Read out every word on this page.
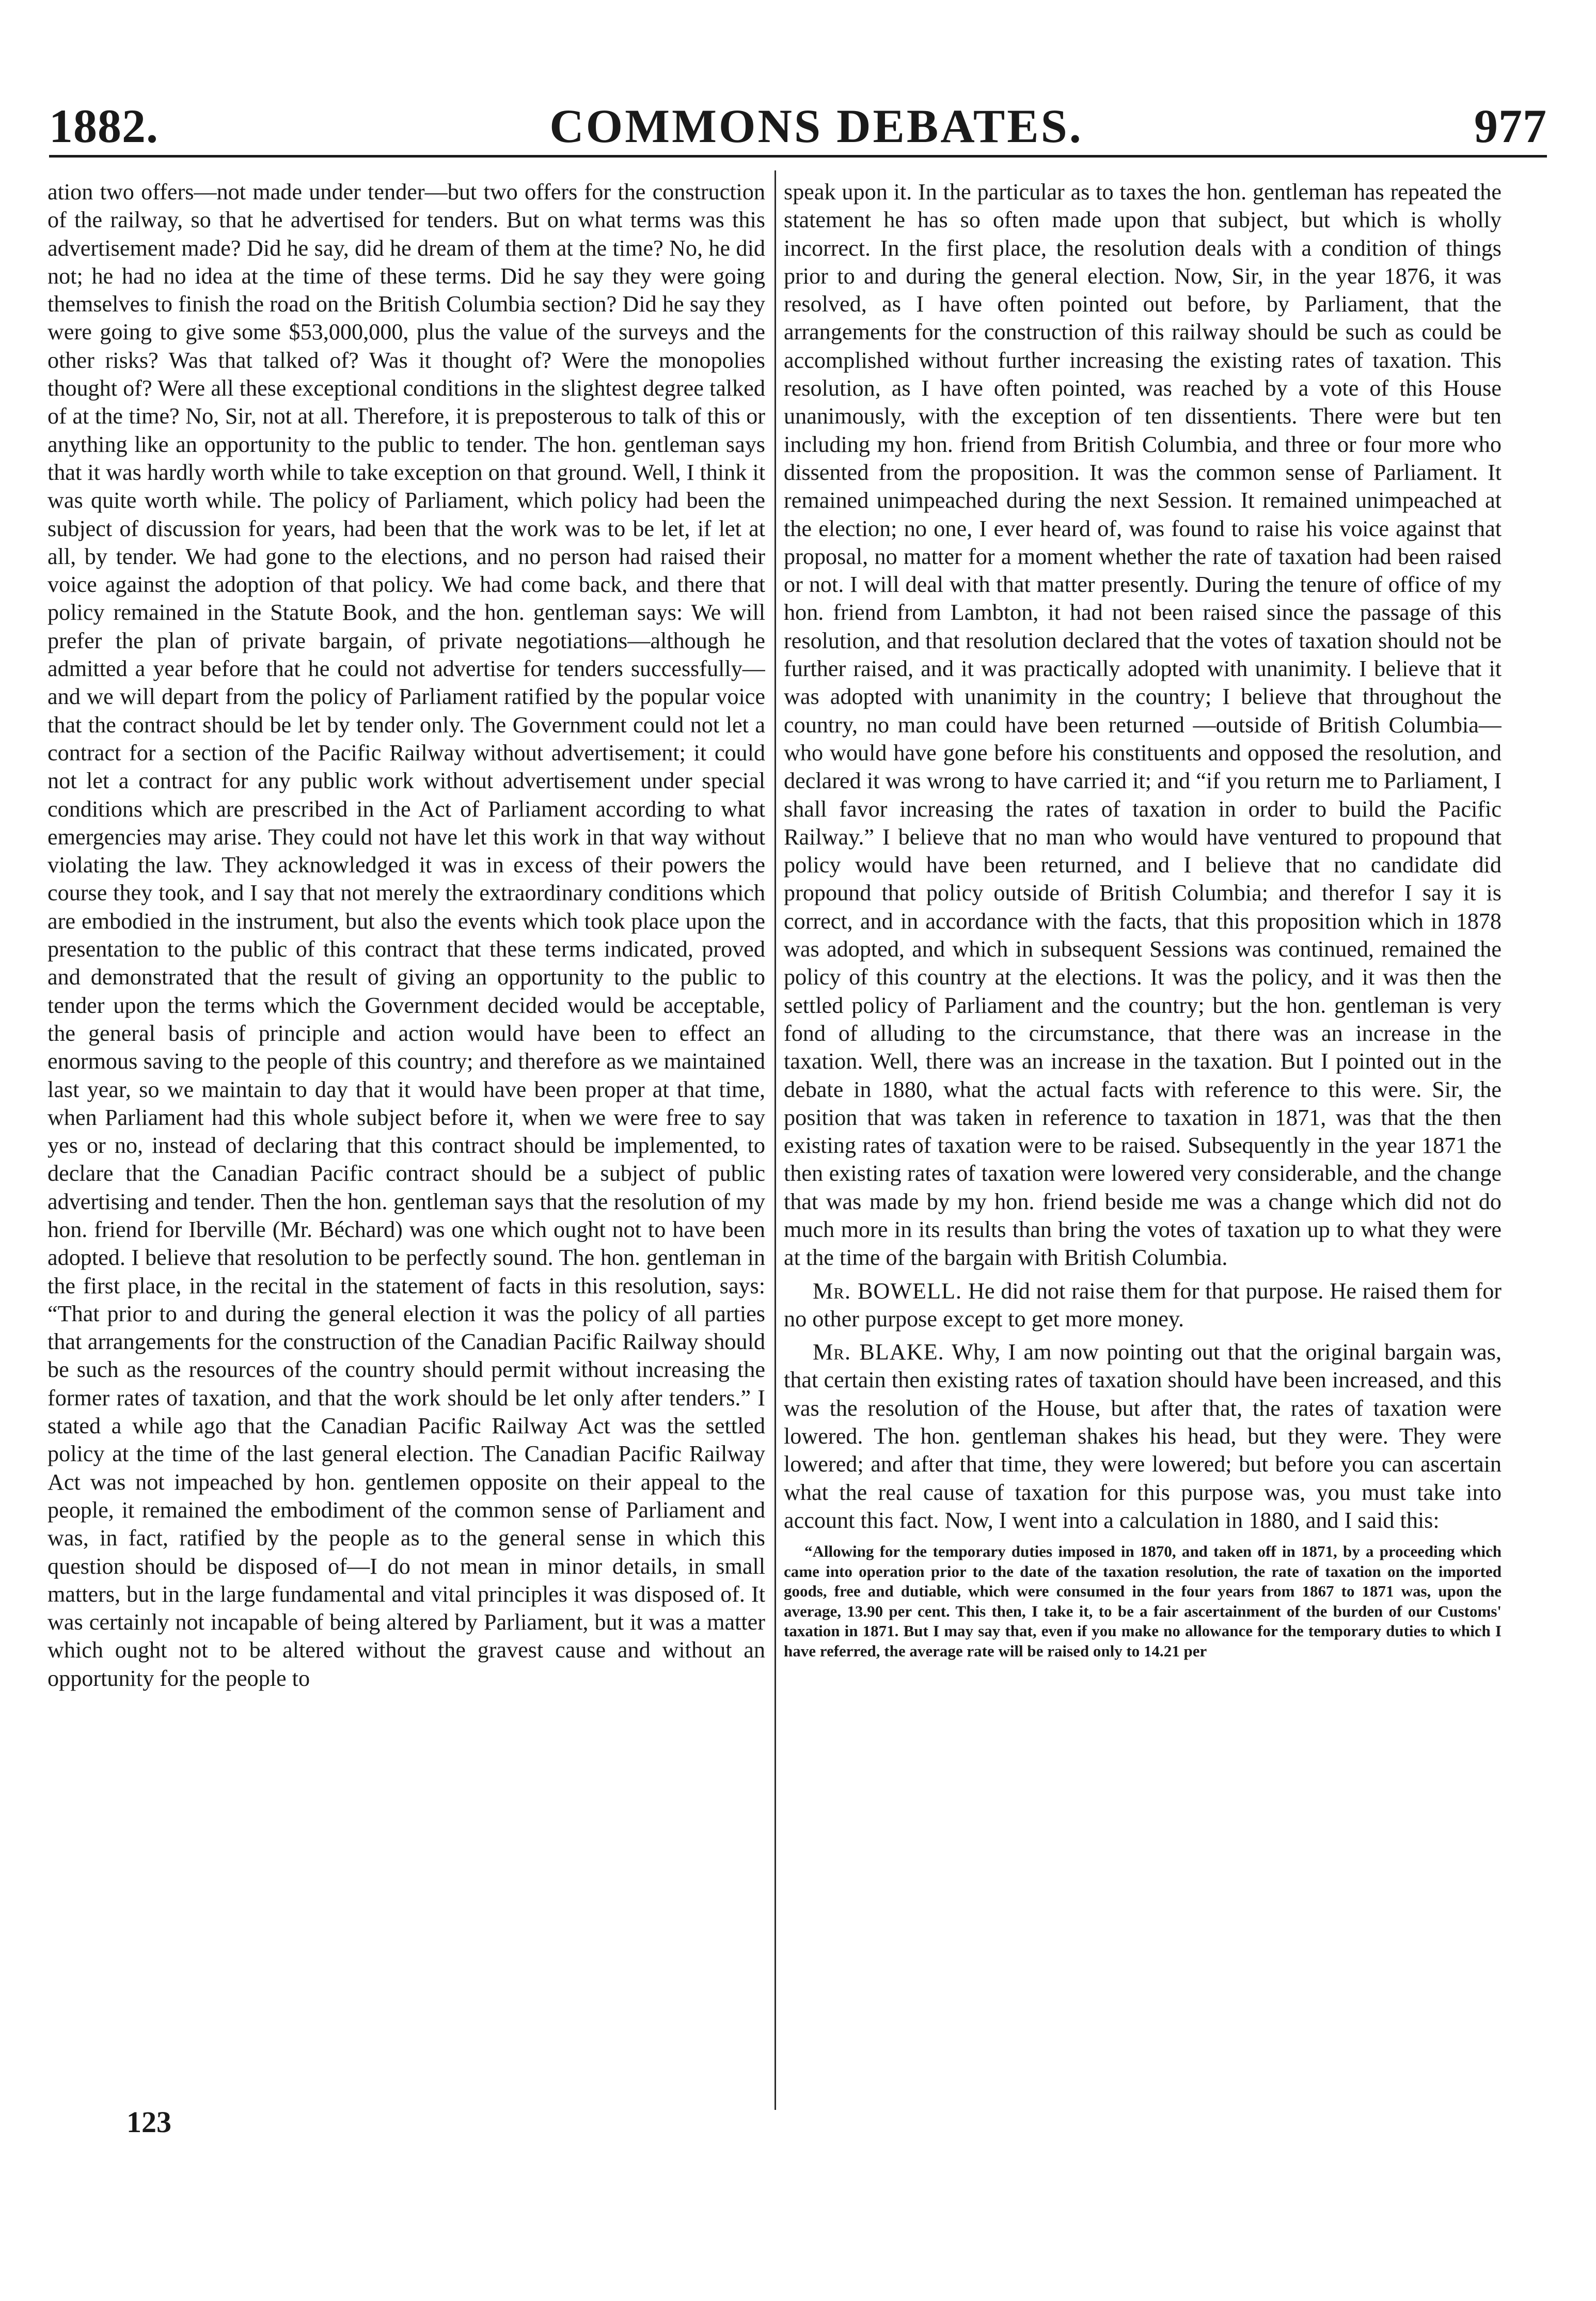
1882.	COMMONS DEBATES.	977

ation two offers—not made under tender—but two offers for the construction of the railway, so that he advertised for tenders. But on what terms was this advertisement made? Did he say, did he dream of them at the time? No, he did not; he had no idea at the time of these terms. Did he say they were going themselves to finish the road on the British Columbia section? Did he say they were going to give some $53,000,000, plus the value of the surveys and the other risks? Was that talked of? Was it thought of? Were the monopolies thought of? Were all these exceptional conditions in the slightest degree talked of at the time? No, Sir, not at all. Therefore, it is preposterous to talk of this or anything like an opportunity to the public to tender. The hon. gentleman says that it was hardly worth while to take exception on that ground. Well, I think it was quite worth while. The policy of Parliament, which policy had been the subject of discussion for years, had been that the work was to be let, if let at all, by tender. We had gone to the elections, and no person had raised their voice against the adoption of that policy. We had come back, and there that policy remained in the Statute Book, and the hon. gentleman says: We will prefer the plan of private bargain, of private negotiations—although he admitted a year before that he could not advertise for tenders successfully—and we will depart from the policy of Parliament ratified by the popular voice that the contract should be let by tender only. The Government could not let a contract for a section of the Pacific Railway without advertisement; it could not let a contract for any public work without advertisement under special conditions which are prescribed in the Act of Parliament according to what emergencies may arise. They could not have let this work in that way without violating the law. They acknowledged it was in excess of their powers the course they took, and I say that not merely the extraordinary conditions which are embodied in the instrument, but also the events which took place upon the presentation to the public of this contract that these terms indicated, proved and demonstrated that the result of giving an opportunity to the public to tender upon the terms which the Government decided would be acceptable, the general basis of principle and action would have been to effect an enormous saving to the people of this country; and therefore as we maintained last year, so we maintain to day that it would have been proper at that time, when Parliament had this whole subject before it, when we were free to say yes or no, instead of declaring that this contract should be implemented, to declare that the Canadian Pacific contract should be a subject of public advertising and tender. Then the hon. gentleman says that the resolution of my hon. friend for Iberville (Mr. Béchard) was one which ought not to have been adopted. I believe that resolution to be perfectly sound. The hon. gentleman in the first place, in the recital in the statement of facts in this resolution, says: “That prior to and during the general election it was the policy of all parties that arrangements for the construction of the Canadian Pacific Railway should be such as the resources of the country should permit without increasing the former rates of taxation, and that the work should be let only after tenders.” I stated a while ago that the Canadian Pacific Railway Act was the settled policy at the time of the last general election. The Canadian Pacific Railway Act was not impeached by hon. gentlemen opposite on their appeal to the people, it remained the embodiment of the common sense of Parliament and was, in fact, ratified by the people as to the general sense in which this question should be disposed of—I do not mean in minor details, in small matters, but in the large fundamental and vital principles it was disposed of. It was certainly not incapable of being altered by Parliament, but it was a matter which ought not to be altered without the gravest cause and without an opportunity for the people to

speak upon it. In the particular as to taxes the hon. gentleman has repeated the statement he has so often made upon that subject, but which is wholly incorrect. In the first place, the resolution deals with a condition of things prior to and during the general election. Now, Sir, in the year 1876, it was resolved, as I have often pointed out before, by Parliament, that the arrangements for the construction of this railway should be such as could be accomplished without further increasing the existing rates of taxation. This resolution, as I have often pointed, was reached by a vote of this House unanimously, with the exception of ten dissentients. There were but ten including my hon. friend from British Columbia, and three or four more who dissented from the proposition. It was the common sense of Parliament. It remained unimpeached during the next Session. It remained unimpeached at the election; no one, I ever heard of, was found to raise his voice against that proposal, no matter for a moment whether the rate of taxation had been raised or not. I will deal with that matter presently. During the tenure of office of my hon. friend from Lambton, it had not been raised since the passage of this resolution, and that resolution declared that the votes of taxation should not be further raised, and it was practically adopted with unanimity. I believe that it was adopted with unanimity in the country; I believe that throughout the country, no man could have been returned —outside of British Columbia—who would have gone before his constituents and opposed the resolution, and declared it was wrong to have carried it; and “if you return me to Parliament, I shall favor increasing the rates of taxation in order to build the Pacific Railway.” I believe that no man who would have ventured to propound that policy would have been returned, and I believe that no candidate did propound that policy outside of British Columbia; and therefor I say it is correct, and in accordance with the facts, that this proposition which in 1878 was adopted, and which in subsequent Sessions was continued, remained the policy of this country at the elections. It was the policy, and it was then the settled policy of Parliament and the country; but the hon. gentleman is very fond of alluding to the circumstance, that there was an increase in the taxation. Well, there was an increase in the taxation. But I pointed out in the debate in 1880, what the actual facts with reference to this were. Sir, the position that was taken in reference to taxation in 1871, was that the then existing rates of taxation were to be raised. Subsequently in the year 1871 the then existing rates of taxation were lowered very considerable, and the change that was made by my hon. friend beside me was a change which did not do much more in its results than bring the votes of taxation up to what they were at the time of the bargain with British Columbia.

Mr. BOWELL. He did not raise them for that purpose. He raised them for no other purpose except to get more money.

Mr. BLAKE. Why, I am now pointing out that the original bargain was, that certain then existing rates of taxation should have been increased, and this was the resolution of the House, but after that, the rates of taxation were lowered. The hon. gentleman shakes his head, but they were. They were lowered; and after that time, they were lowered; but before you can ascertain what the real cause of taxation for this purpose was, you must take into account this fact. Now, I went into a calculation in 1880, and I said this:

“Allowing for the temporary duties imposed in 1870, and taken off in 1871, by a proceeding which came into operation prior to the date of the taxation resolution, the rate of taxation on the imported goods, free and dutiable, which were consumed in the four years from 1867 to 1871 was, upon the average, 13.90 per cent. This then, I take it, to be a fair ascertainment of the burden of our Customs' taxation in 1871. But I may say that, even if you make no allowance for the temporary duties to which I have referred, the average rate will be raised only to 14.21 per

123
